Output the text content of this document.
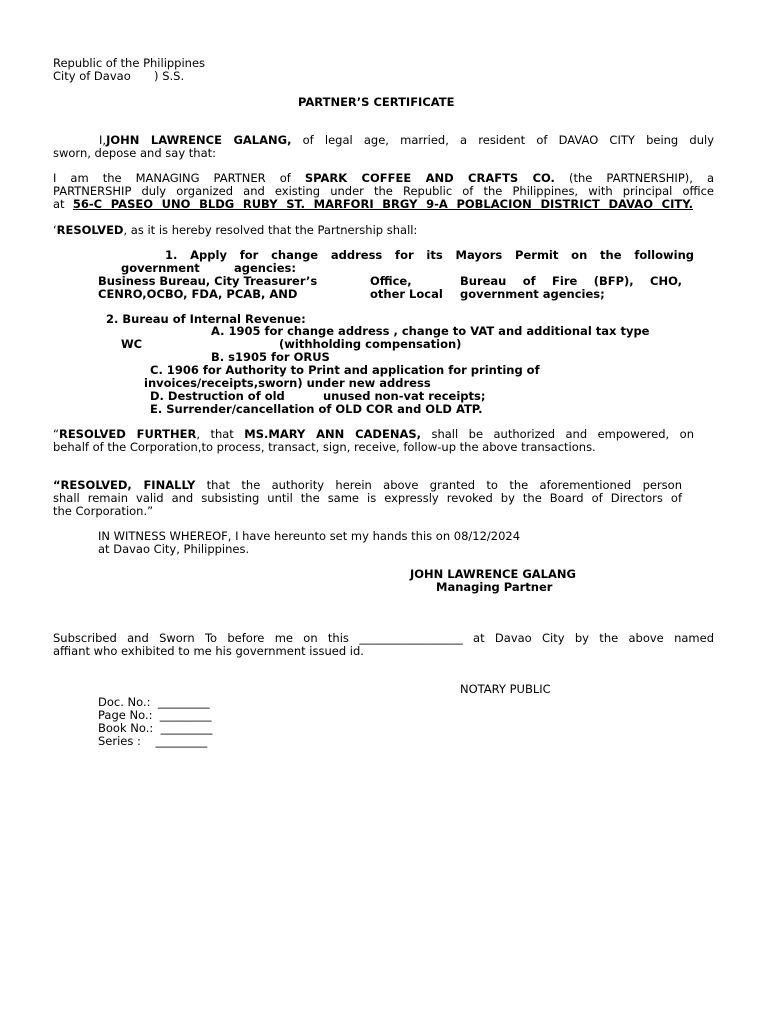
Republic of the Philippines
City of Davao ) S.S.
PARTNER’S CERTIFICATE
I,JOHN LAWRENCE GALANG, of legal age, married, a resident of DAVAO CITY being duly
sworn, depose and say that:
I am the MANAGING PARTNER of SPARK COFFEE AND CRAFTS CO. (the PARTNERSHIP), a
PARTNERSHIP duly organized and existing under the Republic of the Philippines, with principal office
at 56-C PASEO UNO BLDG RUBY ST. MARFORI BRGY 9-A POBLACION DISTRICT DAVAO CITY.
‘RESOLVED, as it is hereby resolved that the Partnership shall:
1. Apply for change address for its Mayors Permit on the following
government	agencies:
Business Bureau, City Treasurer’s	Office,	Bureau of Fire (BFP), CHO,
CENRO,OCBO, FDA, PCAB, AND	other Local government agencies;
2. Bureau of Internal Revenue:
A. 1905 for change address , change to VAT and additional tax type
WC	(withholding compensation)
B. s1905 for ORUS
C. 1906 for Authority to Print and application for printing of
invoices/receipts,sworn) under new address
D. Destruction of old	unused non-vat receipts;
E. Surrender/cancellation of OLD COR and OLD ATP.
“RESOLVED FURTHER, that MS.MARY ANN CADENAS, shall be authorized and empowered, on
behalf of the Corporation,to process, transact, sign, receive, follow-up the above transactions.
“RESOLVED, FINALLY that the authority herein above granted to the aforementioned person
shall remain valid and subsisting until the same is expressly revoked by the Board of Directors of
the Corporation.”
IN WITNESS WHEREOF, I have hereunto set my hands this on 08/12/2024
at Davao City, Philippines.
JOHN LAWRENCE GALANG
Managing Partner
Subscribed and Sworn To before me on this __________________ at Davao City by the above named
affiant who exhibited to me his government issued id.
NOTARY PUBLIC
Doc. No.: _________
Page No.: _________
Book No.: _________
Series : _________
